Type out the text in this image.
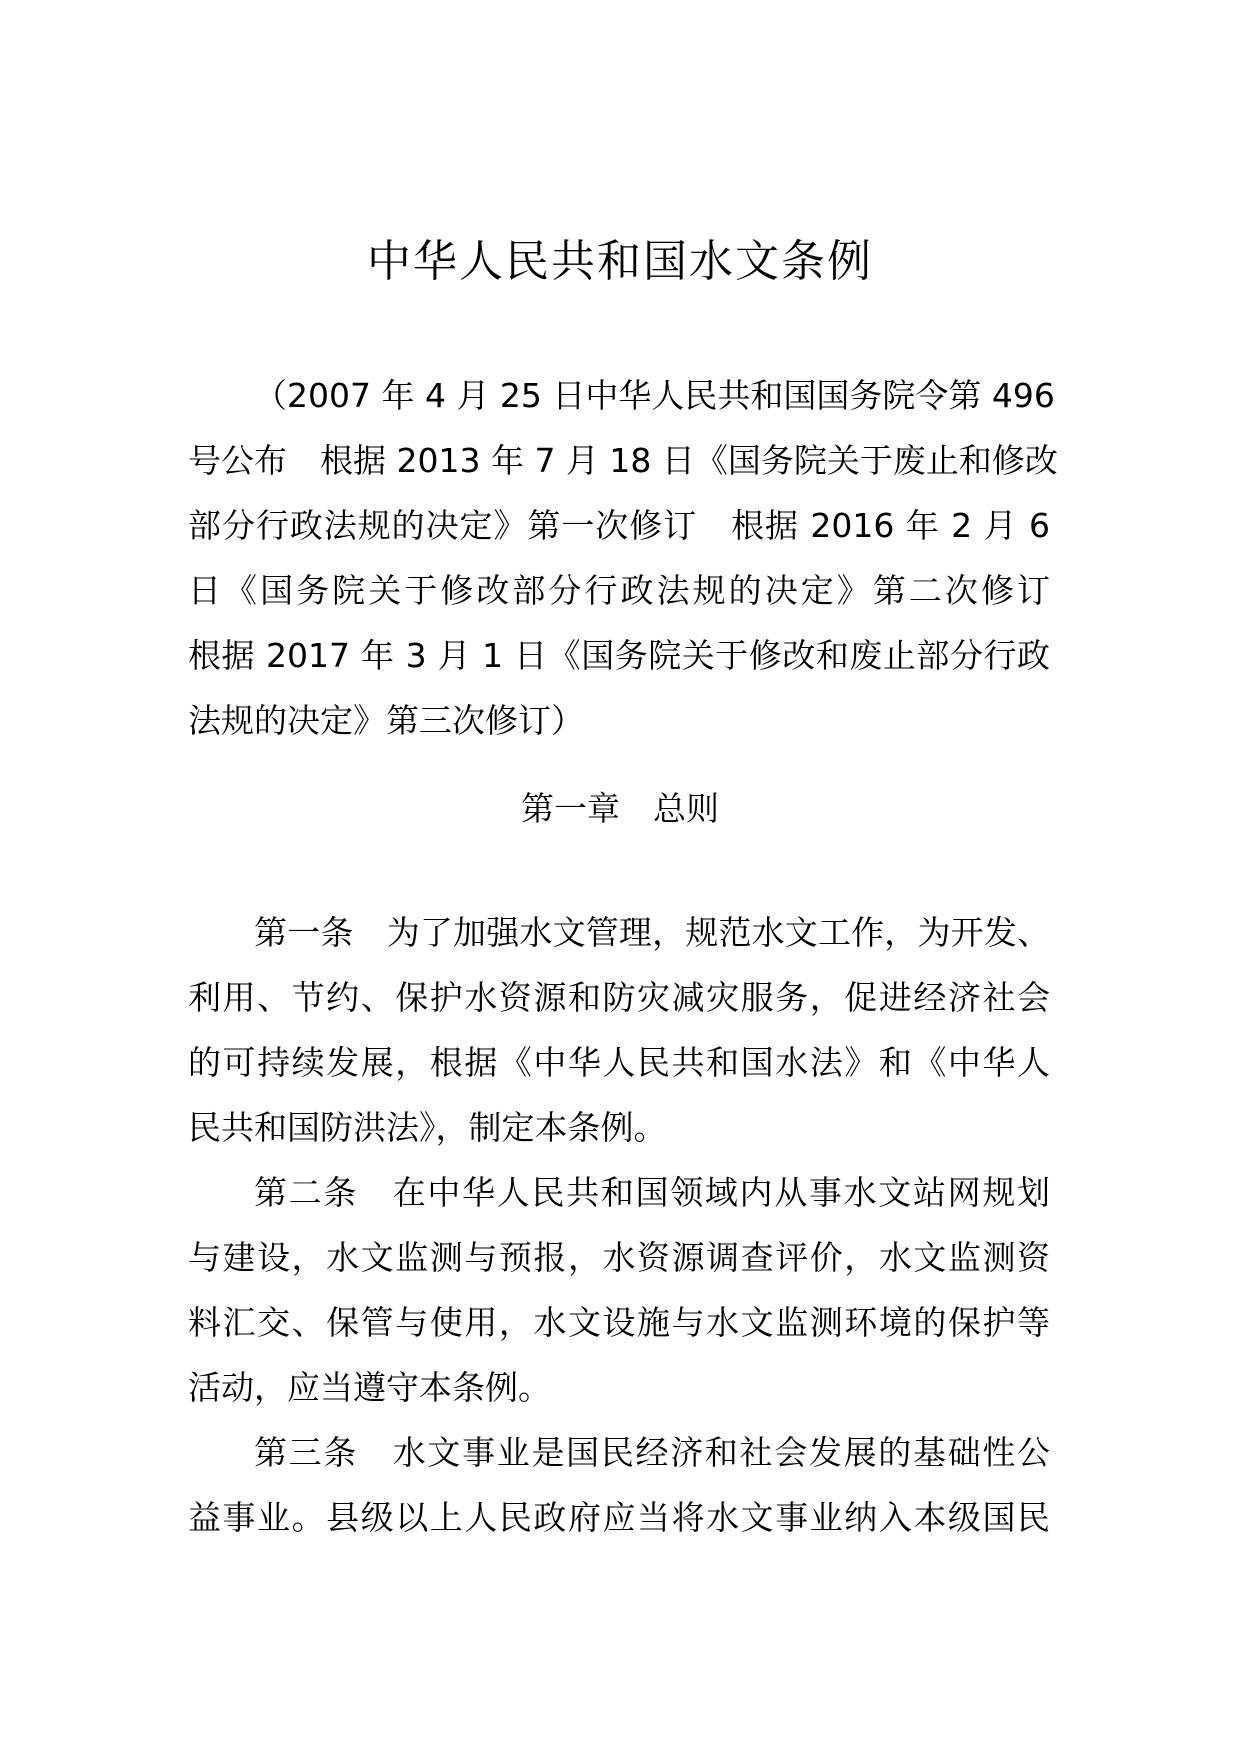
中华人民共和国水文条例
（2007 年 4 月 25 日中华人民共和国国务院令第 496
号公布　根据 2013 年 7 月 18 日《国务院关于废止和修改
部分行政法规的决定》第一次修订　根据 2016 年 2 月 6
日《国务院关于修改部分行政法规的决定》第二次修订
根据 2017 年 3 月 1 日《国务院关于修改和废止部分行政
法规的决定》第三次修订）
第一章　总则
第一条　为了加强水文管理，规范水文工作，为开发、
利用、节约、保护水资源和防灾减灾服务，促进经济社会
的可持续发展，根据《中华人民共和国水法》和《中华人
民共和国防洪法》，制定本条例。
第二条　在中华人民共和国领域内从事水文站网规划
与建设，水文监测与预报，水资源调查评价，水文监测资
料汇交、保管与使用，水文设施与水文监测环境的保护等
活动，应当遵守本条例。
第三条　水文事业是国民经济和社会发展的基础性公
益事业。县级以上人民政府应当将水文事业纳入本级国民
